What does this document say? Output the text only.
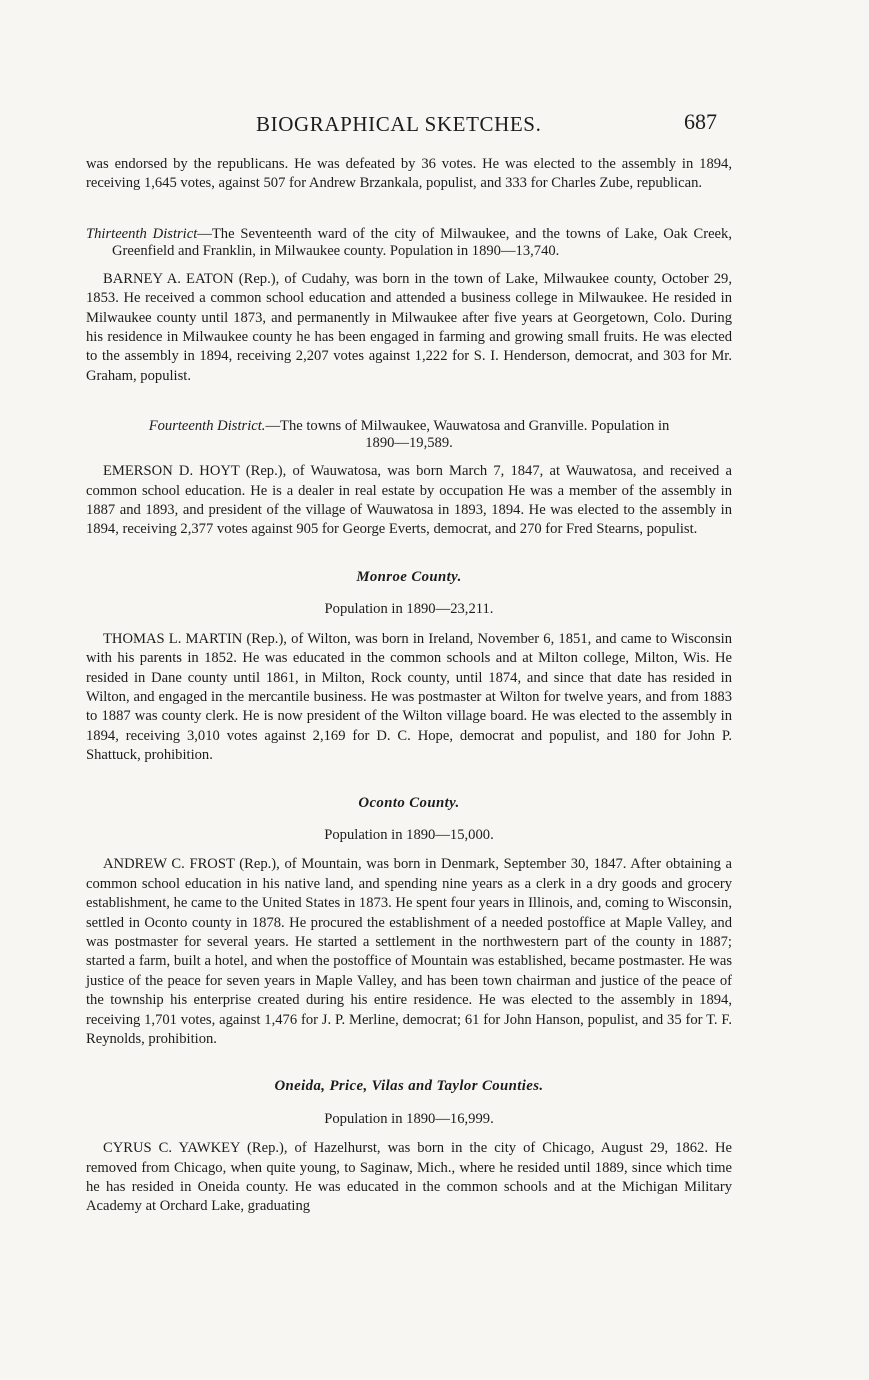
BIOGRAPHICAL SKETCHES.	687

was endorsed by the republicans. He was defeated by 36 votes. He was elected to the assembly in 1894, receiving 1,645 votes, against 507 for Andrew Brzankala, populist, and 333 for Charles Zube, republican.

Thirteenth District—The Seventeenth ward of the city of Milwaukee, and the towns of Lake, Oak Creek, Greenfield and Franklin, in Milwaukee county. Population in 1890—13,740.

BARNEY A. EATON (Rep.), of Cudahy, was born in the town of Lake, Milwaukee county, October 29, 1853. He received a common school education and attended a business college in Milwaukee. He resided in Milwaukee county until 1873, and permanently in Milwaukee after five years at Georgetown, Colo. During his residence in Milwaukee county he has been engaged in farming and growing small fruits. He was elected to the assembly in 1894, receiving 2,207 votes against 1,222 for S. I. Henderson, democrat, and 303 for Mr. Graham, populist.

Fourteenth District.—The towns of Milwaukee, Wauwatosa and Granville. Population in
1890—19,589.

EMERSON D. HOYT (Rep.), of Wauwatosa, was born March 7, 1847, at Wauwatosa, and received a common school education. He is a dealer in real estate by occupation He was a member of the assembly in 1887 and 1893, and president of the village of Wauwatosa in 1893, 1894. He was elected to the assembly in 1894, receiving 2,377 votes against 905 for George Everts, democrat, and 270 for Fred Stearns, populist.

Monroe County.

Population in 1890—23,211.

THOMAS L. MARTIN (Rep.), of Wilton, was born in Ireland, November 6, 1851, and came to Wisconsin with his parents in 1852. He was educated in the common schools and at Milton college, Milton, Wis. He resided in Dane county until 1861, in Milton, Rock county, until 1874, and since that date has resided in Wilton, and engaged in the mercantile business. He was postmaster at Wilton for twelve years, and from 1883 to 1887 was county clerk. He is now president of the Wilton village board. He was elected to the assembly in 1894, receiving 3,010 votes against 2,169 for D. C. Hope, democrat and populist, and 180 for John P. Shattuck, prohibition.

Oconto County.

Population in 1890—15,000.

ANDREW C. FROST (Rep.), of Mountain, was born in Denmark, September 30, 1847. After obtaining a common school education in his native land, and spending nine years as a clerk in a dry goods and grocery establishment, he came to the United States in 1873. He spent four years in Illinois, and, coming to Wisconsin, settled in Oconto county in 1878. He procured the establishment of a needed postoffice at Maple Valley, and was postmaster for several years. He started a settlement in the northwestern part of the county in 1887; started a farm, built a hotel, and when the postoffice of Mountain was established, became postmaster. He was justice of the peace for seven years in Maple Valley, and has been town chairman and justice of the peace of the township his enterprise created during his entire residence. He was elected to the assembly in 1894, receiving 1,701 votes, against 1,476 for J. P. Merline, democrat; 61 for John Hanson, populist, and 35 for T. F. Reynolds, prohibition.

Oneida, Price, Vilas and Taylor Counties.

Population in 1890—16,999.

CYRUS C. YAWKEY (Rep.), of Hazelhurst, was born in the city of Chicago, August 29, 1862. He removed from Chicago, when quite young, to Saginaw, Mich., where he resided until 1889, since which time he has resided in Oneida county. He was educated in the common schools and at the Michigan Military Academy at Orchard Lake, graduating
